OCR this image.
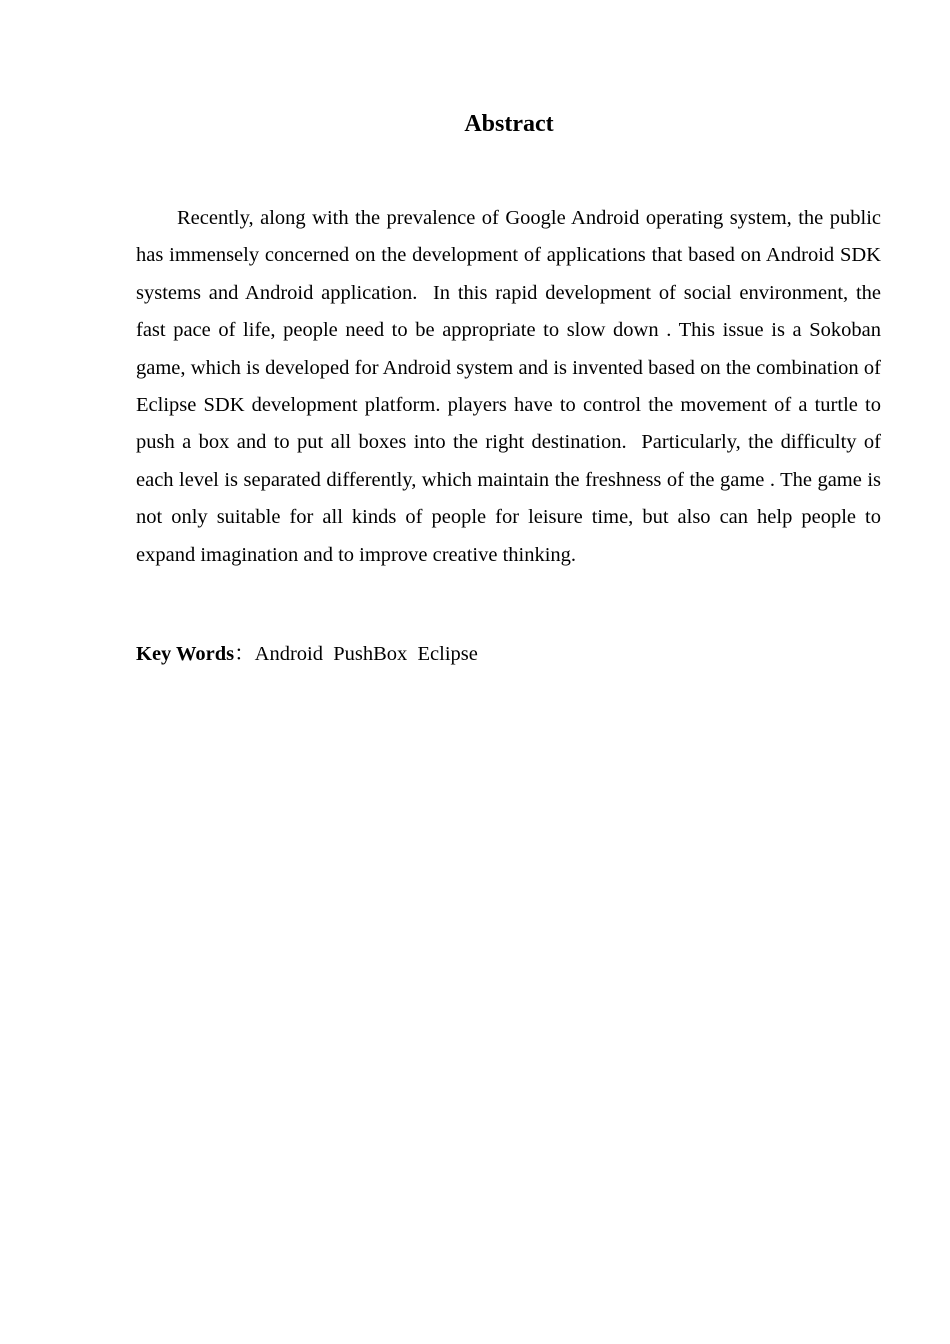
Abstract

Recently, along with the prevalence of Google Android operating system, the public has immensely concerned on the development of applications that based on Android SDK systems and Android application.  In this rapid development of social environment, the fast pace of life, people need to be appropriate to slow down . This issue is a Sokoban game, which is developed for Android system and is invented based on the combination of Eclipse SDK development platform. players have to control the movement of a turtle to push a box and to put all boxes into the right destination.  Particularly, the difficulty of each level is separated differently, which maintain the freshness of the game . The game is not only suitable for all kinds of people for leisure time, but also can help people to expand imagination and to improve creative thinking.

Key Words：Android  PushBox  Eclipse
